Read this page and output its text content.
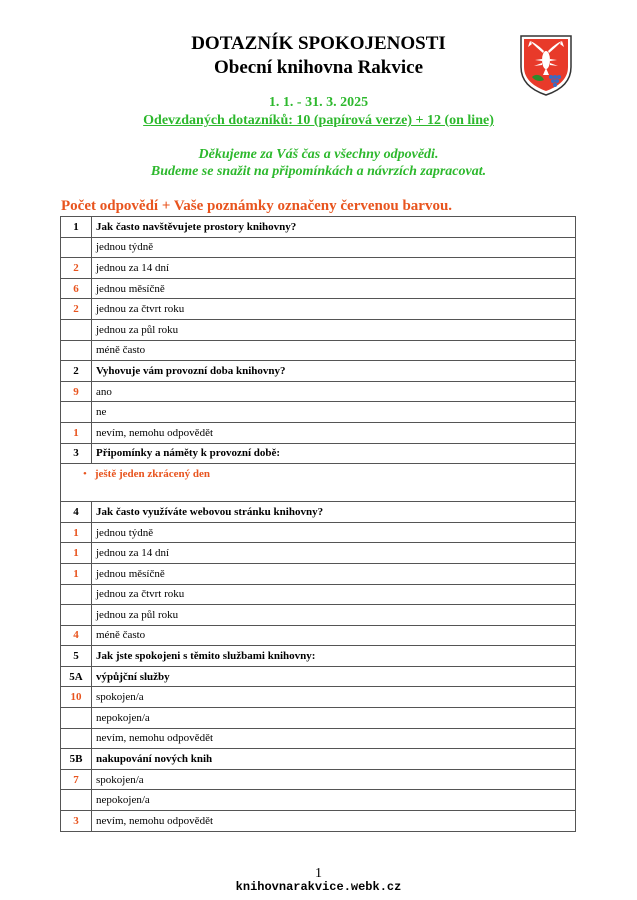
DOTAZNÍK SPOKOJENOSTI
Obecní knihovna Rakvice
1. 1. - 31. 3. 2025
Odevzdaných dotazníků: 10 (papírová verze) + 12 (on line)
Děkujeme za Váš čas a všechny odpovědi.
Budeme se snažit na připomínkách a návrzích zapracovat.
Počet odpovědí + Vaše poznámky označeny červenou barvou.
1	Jak často navštěvujete prostory knihovny?
	jednou týdně
2	jednou za 14 dní
6	jednou měsíčně
2	jednou za čtvrt roku
	jednou za půl roku
	méně často
2	Vyhovuje vám provozní doba knihovny?
9	ano
	ne
1	nevím, nemohu odpovědět
3	Připomínky a náměty k provozní době:
• ještě jeden zkrácený den	
4	Jak často využíváte webovou stránku knihovny?
1	jednou týdně
1	jednou za 14 dní
1	jednou měsíčně
	jednou za čtvrt roku
	jednou za půl roku
4	méně často
5	Jak jste spokojeni s těmito službami knihovny:
5A	výpůjční služby
10	spokojen/a
	nepokojen/a
	nevím, nemohu odpovědět
5B	nakupování nových knih
7	spokojen/a
	nepokojen/a
3	nevím, nemohu odpovědět
1
knihovnarakvice.webk.cz
